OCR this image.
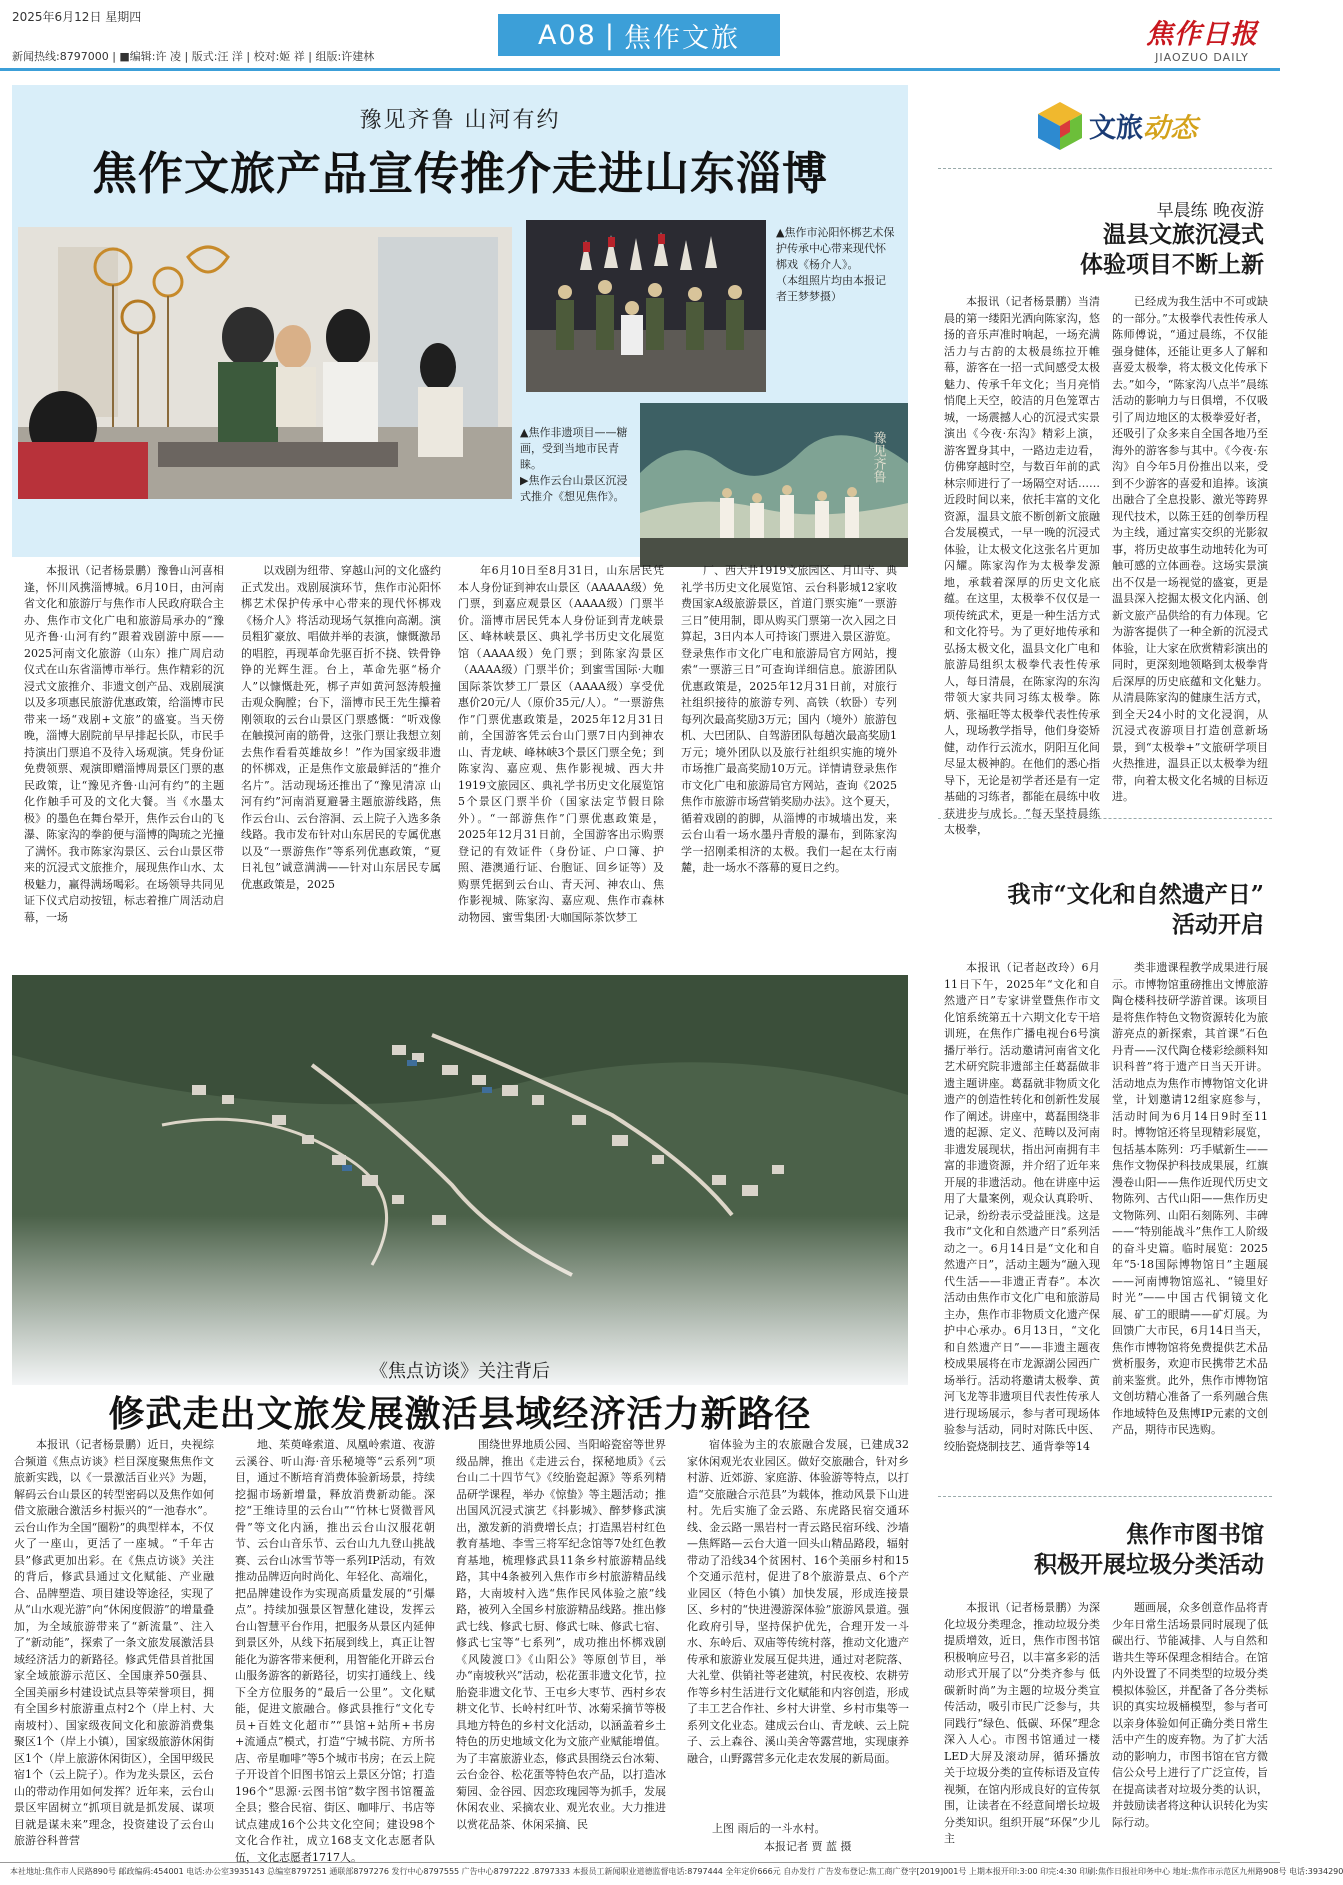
2025年6月12日 星期四
新闻热线:8797000 | ■编辑:许 凌 | 版式:汪 洋 | 校对:姬 祥 | 组版:许建林
A08 | 焦作文旅	焦作日报
JIAOZUO DAILY
豫见齐鲁 山河有约
焦作文旅产品宣传推介走进山东淄博
▲焦作市沁阳怀梆艺术保护传承中心带来现代怀梆戏《杨介人》。
（本组照片均由本报记者王梦梦摄）
▲焦作非遗项目——糖画，受到当地市民青睐。
▶焦作云台山景区沉浸式推介《想见焦作》。
豫见齐鲁

本报讯（记者杨景鹏）豫鲁山河喜相逢，怀川风携淄博城。6月10日，由河南省文化和旅游厅与焦作市人民政府联合主办、焦作市文化广电和旅游局承办的“豫见齐鲁·山河有约”跟着戏剧游中原——2025河南文化旅游（山东）推广周启动仪式在山东省淄博市举行。焦作精彩的沉浸式文旅推介、非遗文创产品、戏剧展演以及多项惠民旅游优惠政策，给淄博市民带来一场“戏剧+文旅”的盛宴。当天傍晚，淄博大剧院前早早排起长队，市民手持演出门票追不及待入场观演。凭身份证免费领票、观演即赠淄博周景区门票的惠民政策，让“豫见齐鲁·山河有约”的主题化作触手可及的文化大餐。当《水墨太极》的墨色在舞台晕开，焦作云台山的飞瀑、陈家沟的拳韵便与淄博的陶琉之光撞了满怀。我市陈家沟景区、云台山景区带来的沉浸式文旅推介，展现焦作山水、太极魅力，赢得满场喝彩。在场领导共同见证下仪式启动按钮，标志着推广周活动启幕，一场

以戏剧为纽带、穿越山河的文化盛约正式发出。戏剧展演环节，焦作市沁阳怀梆艺术保护传承中心带来的现代怀梆戏《杨介人》将活动现场气氛推向高潮。演员粗犷豪放、唱做并举的表演，慷慨激昂的唱腔，再现革命先驱百折不挠、铁骨铮铮的光辉生涯。台上，革命先驱“杨介人”以慷慨赴死，梆子声如黄河怒涛般撞击观众胸膛；台下，淄博市民王先生攥着刚领取的云台山景区门票感慨：“听戏像在触摸河南的筋骨，这张门票让我想立刻去焦作看看英雄故乡！”作为国家级非遗的怀梆戏，正是焦作文旅最鲜活的“推介名片”。活动现场还推出了“豫见清凉 山河有约”河南消夏避暑主题旅游线路，焦作云台山、云台溶洞、云上院子入选多条线路。我市发布针对山东居民的专属优惠以及“一票游焦作”等系列优惠政策，“夏日礼包”诚意满满——针对山东居民专属优惠政策是，2025

年6月10日至8月31日，山东居民凭本人身份证到神农山景区（AAAAA级）免门票，到嘉应观景区（AAAA级）门票半价。淄博市居民凭本人身份证到青龙峡景区、峰林峡景区、典礼学书历史文化展览馆（AAAA级）免门票；到陈家沟景区（AAAA级）门票半价；到蜜雪国际·大咖国际茶饮梦工厂景区（AAAA级）享受优惠价20元/人（原价35元/人）。“一票游焦作”门票优惠政策是，2025年12月31日前，全国游客凭云台山门票7日内到神农山、青龙峡、峰林峡3个景区门票全免；到陈家沟、嘉应观、焦作影视城、西大井1919文旅园区、典礼学书历史文化展览馆5个景区门票半价（国家法定节假日除外）。“一部游焦作”门票优惠政策是，2025年12月31日前，全国游客出示购票登记的有效证件（身份证、户口簿、护照、港澳通行证、台胞证、回乡证等）及购票凭据到云台山、青天河、神农山、焦作影视城、陈家沟、嘉应观、焦作市森林动物园、蜜雪集团·大咖国际茶饮梦工

厂、西大井1919文旅园区、月山寺、典礼学书历史文化展览馆、云台科影城12家收费国家A级旅游景区，首道门票实施“一票游三日”使用制，即从购买门票第一次入园之日算起，3日内本人可持该门票进入景区游览。登录焦作市文化广电和旅游局官方网站，搜索“一票游三日”可查询详细信息。旅游团队优惠政策是，2025年12月31日前，对旅行社组织接待的旅游专列、高铁（软卧）专列每列次最高奖励3万元；国内（境外）旅游包机、大巴团队、自驾游团队每趟次最高奖励1万元；境外团队以及旅行社组织实施的境外市场推广最高奖励10万元。详情请登录焦作市文化广电和旅游局官方网站，查询《2025焦作市旅游市场营销奖励办法》。这个夏天，循着戏剧的韵脚，从淄博的市城墙出发，来云台山看一场水墨丹青般的瀑布，到陈家沟学一招刚柔相济的太极。我们一起在太行南麓，赴一场水不落幕的夏日之约。

《焦点访谈》关注背后
修武走出文旅发展激活县域经济活力新路径

本报讯（记者杨景鹏）近日，央视综合频道《焦点访谈》栏目深度聚焦焦作文旅新实践，以《一景激活百业兴》为题，解码云台山景区的转型密码以及焦作如何借文旅融合激活乡村振兴的“一池春水”。云台山作为全国“圈粉”的典型样本，不仅火了一座山，更活了一座城。“千年古县”修武更加出彩。在《焦点访谈》关注的背后，修武县通过文化赋能、产业融合、品牌塑造、项目建设等途径，实现了从“山水观光游”向“休闲度假游”的增量叠加，为全域旅游带来了“新流量”、注入了“新动能”，探索了一条文旅发展激活县域经济活力的新路径。修武凭借县首批国家全域旅游示范区、全国康养50强县、全国美丽乡村建设试点县等荣誉项目，拥有全国乡村旅游重点村2个（岸上村、大南坡村）、国家级夜间文化和旅游消费集聚区1个（岸上小镇），国家级旅游休闲街区1个（岸上旅游休闲街区），全国甲级民宿1个（云上院子）。作为龙头景区，云台山的带动作用如何发挥？近年来，云台山景区牢固树立“抓项目就是抓发展、谋项目就是谋未来”理念，投资建设了云台山旅游谷科普营

地、茱萸峰索道、凤凰岭索道、夜游云溪谷、听山海·音乐秘境等“云系列”项目，通过不断培育消费体验新场景，持续挖掘市场新增量，释放消费新动能。深挖“王维诗里的云台山”“竹林七贤微晋风骨”等文化内涵，推出云台山汉服花朝节、云台山音乐节、云台山九九登山挑战赛、云台山冰雪节等一系列IP活动，有效推动品牌迈向时尚化、年轻化、高端化，把品牌建设作为实现高质量发展的“引爆点”。持续加强景区智慧化建设，发挥云台山智慧平台作用，把服务从景区内延伸到景区外，从线下拓展到线上，真正让智能化为游客带来便利，用智能化开辟云台山服务游客的新路径，切实打通线上、线下全方位服务的“最后一公里”。文化赋能，促进文旅融合。修武县推行“文化专员+百姓文化超市”“县馆+站所+书房+流通点”模式，打造“宁城书院、方所书店、帝星咖啡”等5个城市书房；在云上院子开设首个旧图书馆云上景区分馆；打造196个“思源·云图书馆”数字图书馆覆盖全县；整合民宿、街区、咖啡厅、书店等试点建成16个公共文化空间；建设98个文化合作社，成立168支文化志愿者队伍，文化志愿者1717人。

围绕世界地质公园、当阳峪瓷窑等世界级品牌，推出《走进云台，探秘地质》《云台山二十四节气》《绞胎瓷起源》等系列精品研学课程，举办《惊蛰》等主题活动；推出国风沉浸式演艺《抖影城》、醉梦修武演出，激发新的消费增长点；打造黑岩村红色教育基地、李雪三将军纪念馆等7处红色教育基地，梳理修武县11条乡村旅游精品线路，其中4条被列入焦作市乡村旅游精品线路，大南坡村入选“焦作民风体验之旅”线路，被列入全国乡村旅游精品线路。推出修武七线、修武七厨、修武七味、修武七宿、修武七宝等“七系列”，成功推出怀梆戏剧《风陵渡口》《山阳公》等原创节目，举办“南坡秋兴”活动，松花蛋非遗文化节，拉胎瓷非遗文化节、王屯乡大枣节、西村乡农耕文化节、长岭村红叶节、冰菊采摘节等极具地方特色的乡村文化活动，以涵盖着乡土特色的历史地域文化为文旅产业赋能增值。为了丰富旅游业态，修武县围绕云台冰菊、云台金谷、松花蛋等特色农产品，以打造冰菊园、金谷园、因恋玫瑰园等为抓手，发展休闲农业、采摘农业、观光农业。大力推进以赏花品茶、休闲采摘、民

宿体验为主的农旅融合发展，已建成32家休闲观光农业园区。做好交旅融合，针对乡村游、近郊游、家庭游、体验游等特点，以打造“交旅融合示范县”为载体，推动风景下山进村。先后实施了金云路、东虎路民宿交通环线、金云路一黑岩村一青云路民宿环线、沙墙—焦辉路—云台大道一回头山精品路段，辐射带动了沿线34个贫困村、16个美丽乡村和15个交通示范村，促进了8个旅游景点、6个产业园区（特色小镇）加快发展，形成连接景区、乡村的“快进漫游深体验”旅游风景道。强化政府引导，坚持保护优先，合理开发一斗水、东岭后、双庙等传统村落，推动文化遗产传承和旅游业发展互促共进，通过对老院落、大礼堂、供销社等老建筑，村民夜校、农耕劳作等乡村生活进行文化赋能和内容创造，形成了丰工艺合作社、乡村大讲堂、乡村市集等一系列文化业态。建成云台山、青龙峡、云上院子、云上森谷、溪山美舍等露营地，实现康养融合，山野露营多元化走农发展的新局面。

上图 雨后的一斗水村。
本报记者 贾 蓝 摄
文旅动态
早晨练 晚夜游
温县文旅沉浸式
体验项目不断上新

本报讯（记者杨景鹏）当清晨的第一缕阳光洒向陈家沟，悠扬的音乐声准时响起，一场充满活力与古韵的太极晨练拉开帷幕，游客在一招一式间感受太极魅力、传承千年文化；当月亮悄悄爬上天空，皎洁的月色笼罩古城，一场震撼人心的沉浸式实景演出《今夜·东沟》精彩上演，游客置身其中，一路边走边看，仿佛穿越时空，与数百年前的武林宗师进行了一场隔空对话……近段时间以来，依托丰富的文化资源，温县文旅不断创新文旅融合发展模式，一早一晚的沉浸式体验，让太极文化这张名片更加闪耀。陈家沟作为太极拳发源地，承载着深厚的历史文化底蕴。在这里，太极拳不仅仅是一项传统武术，更是一种生活方式和文化符号。为了更好地传承和弘扬太极文化，温县文化广电和旅游局组织太极拳代表性传承人，每日清晨，在陈家沟的东沟带领大家共同习练太极拳。陈炳、张福旺等太极拳代表性传承人，现场教学指导，他们身姿矫健，动作行云流水，阴阳互化间尽显太极神韵。在他们的悉心指导下，无论是初学者还是有一定基础的习练者，都能在晨练中收获进步与成长。“每天坚持晨练太极拳，

已经成为我生活中不可或缺的一部分。”太极拳代表性传承人陈师傅说，“通过晨练，不仅能强身健体，还能让更多人了解和喜爱太极拳，将太极文化传承下去。”如今，“陈家沟八点半”晨练活动的影响力与日俱增，不仅吸引了周边地区的太极拳爱好者，还吸引了众多来自全国各地乃至海外的游客参与其中。《今夜·东沟》自今年5月份推出以来，受到不少游客的喜爱和追捧。该演出融合了全息投影、激光等跨界现代技术，以陈王廷的创拳历程为主线，通过富实交织的光影叙事，将历史故事生动地转化为可触可感的立体画卷。这场实景演出不仅是一场视觉的盛宴，更是温县深入挖掘太极文化内涵、创新文旅产品供给的有力体现。它为游客提供了一种全新的沉浸式体验，让大家在欣赏精彩演出的同时，更深刻地领略到太极拳背后深厚的历史底蕴和文化魅力。从清晨陈家沟的健康生活方式，到全天24小时的文化浸润，从沉浸式夜游项目打造创意新场景，到“太极拳+”文旅研学项目火热推进，温县正以太极拳为纽带，向着太极文化名城的目标迈进。

我市“文化和自然遗产日”
活动开启

本报讯（记者赵改玲）6月11日下午，2025年“文化和自然遗产日”专家讲堂暨焦作市文化馆系统第五十六期文化专干培训班，在焦作广播电视台6号演播厅举行。活动邀请河南省文化艺术研究院非遗部主任葛磊做非遗主题讲座。葛磊就非物质文化遗产的创造性转化和创新性发展作了阐述。讲座中，葛磊围绕非遗的起源、定义、范畴以及河南非遗发展现状，指出河南拥有丰富的非遗资源，并介绍了近年来开展的非遗活动。他在讲座中运用了大量案例，观众认真聆听、记录，纷纷表示受益匪浅。这是我市“文化和自然遗产日”系列活动之一。6月14日是“文化和自然遗产日”，活动主题为“融入现代生活——非遗正青春”。本次活动由焦作市文化广电和旅游局主办，焦作市非物质文化遗产保护中心承办。6月13日，“文化和自然遗产日”——非遗主题夜校成果展将在市龙源湖公园西广场举行。活动将邀请太极拳、黄河飞龙等非遗项目代表性传承人进行现场展示，参与者可现场体验参与活动，同时对陈氏中医、绞胎瓷烧制技艺、通背拳等14

类非遗课程教学成果进行展示。市博物馆重磅推出文博旅游陶仓楼科技研学游首课。该项目是将焦作特色文物资源转化为旅游亮点的新探索，其首课“石色丹青——汉代陶仓楼彩绘颜料知识科普”将于遗产日当天开讲。活动地点为焦作市博物馆文化讲堂，计划邀请12组家庭参与，活动时间为6月14日9时至11时。博物馆还将呈现精彩展览，包括基本陈列：巧手赋新生——焦作文物保护科技成果展，红旗漫卷山阳——焦作近现代历史文物陈列、古代山阳——焦作历史文物陈列、山阳石刻陈列、丰碑——“特别能战斗”焦作工人阶级的奋斗史篇。临时展览：2025年“5·18国际博物馆日”主题展——河南博物馆巡礼、“镜里好时光”——中国古代铜镜文化展、矿工的眼睛——矿灯展。为回馈广大市民，6月14日当天，焦作市博物馆将免费提供艺术品赏析服务，欢迎市民携带艺术品前来鉴赏。此外，焦作市博物馆文创坊精心准备了一系列融合焦作地域特色及焦博IP元素的文创产品，期待市民选购。

焦作市图书馆
积极开展垃圾分类活动

本报讯（记者杨景鹏）为深化垃圾分类理念，推动垃圾分类提质增效，近日，焦作市图书馆积极响应号召，以丰富多彩的活动形式开展了以“分类齐参与 低碳新时尚”为主题的垃圾分类宣传活动，吸引市民广泛参与，共同践行“绿色、低碳、环保”理念深入人心。市图书馆通过一楼LED大屏及滚动屏，循环播放关于垃圾分类的宣传标语及宣传视频，在馆内形成良好的宣传氛围，让读者在不经意间增长垃圾分类知识。组织开展“环保”少儿主

题画展，众多创意作品将青少年日常生活场景同时展现了低碳出行、节能减排、人与自然和谐共生等环保理念相结合。在馆内外设置了不同类型的垃圾分类模拟体验区，并配备了各分类标识的真实垃圾桶模型，参与者可以亲身体验如何正确分类日常生活中产生的废弃物。为了扩大活动的影响力，市图书馆在官方微信公众号上进行了广泛宣传，旨在提高读者对垃圾分类的认识，并鼓励读者将这种认识转化为实际行动。

本社地址:焦作市人民路890号 邮政编码:454001 电话:办公室3935143 总编室8797251 通联部8797276 发行中心8797555 广告中心8797222 .8797333 本报员工新闻职业道德监督电话:8797444 全年定价666元 自办发行 广告发布登记:焦工商广登字[2019]001号 上期本报开印:3:00 印完:4:30 印刷:焦作日报社印务中心 地址:焦作市示范区九州路908号 电话:3934290
